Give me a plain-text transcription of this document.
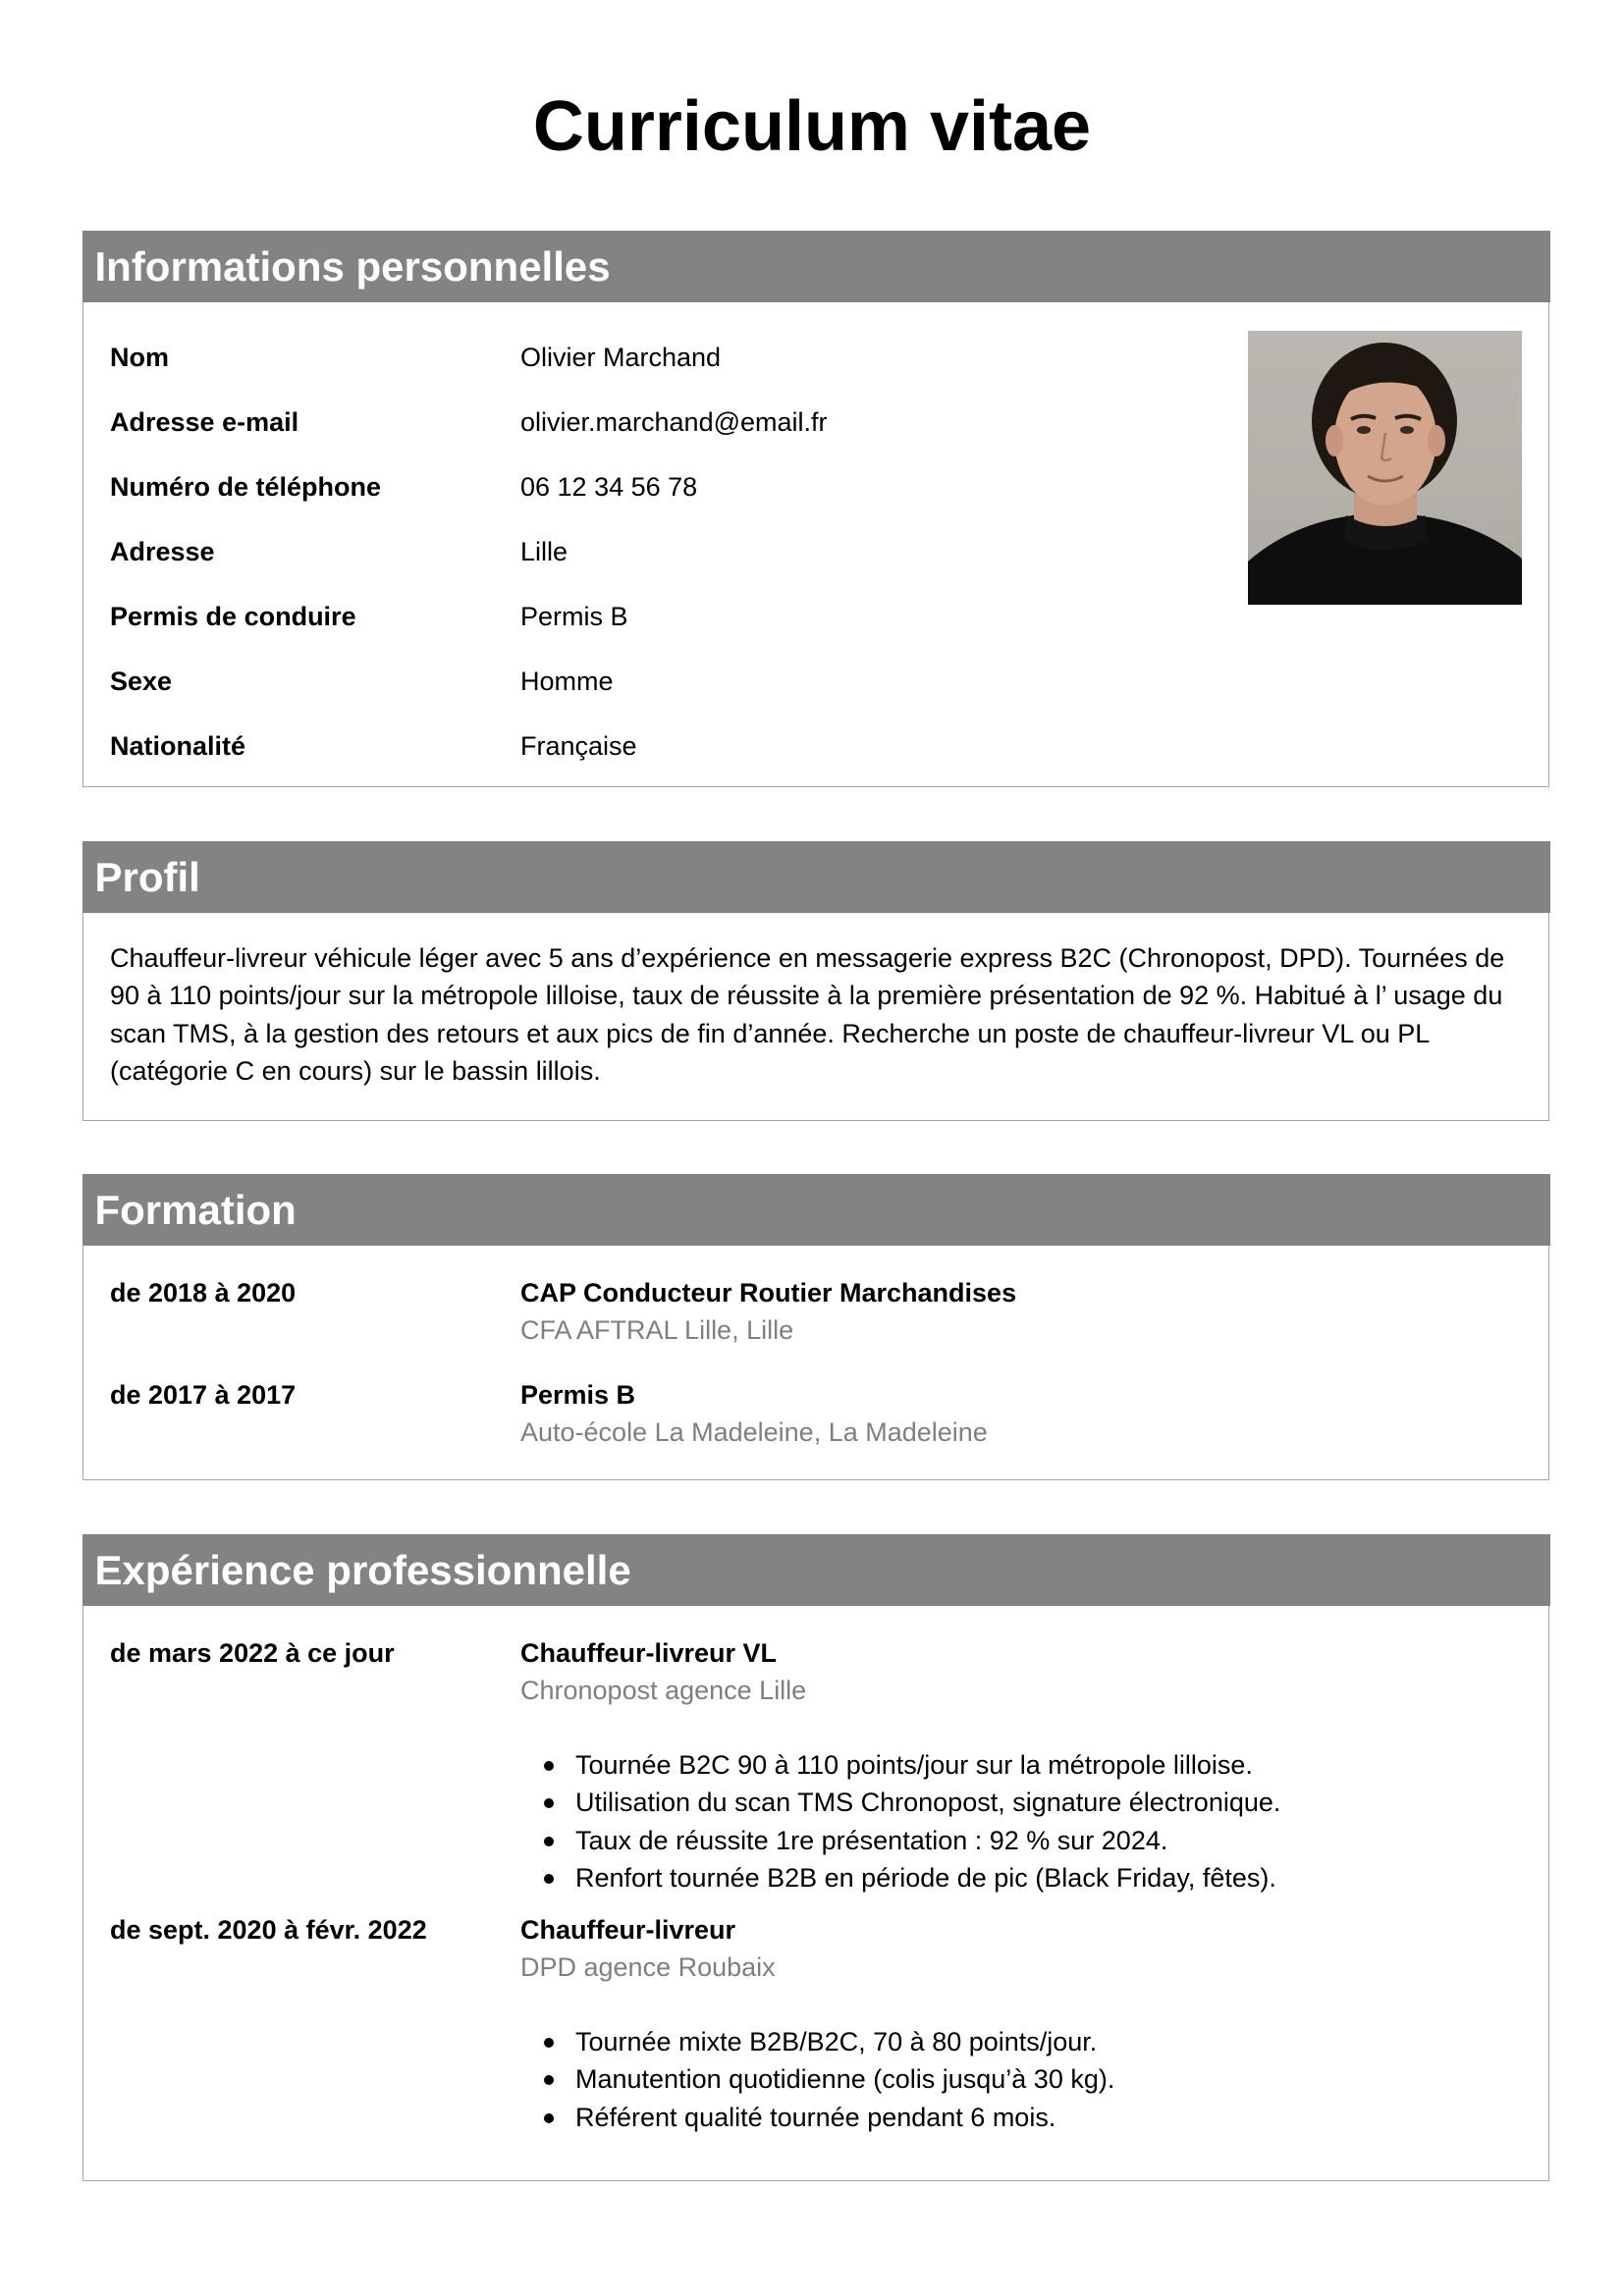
Curriculum vitae
Informations personnelles
Nom	Olivier Marchand
Adresse e-mail	olivier.marchand@email.fr
Numéro de téléphone	06 12 34 56 78
Adresse	Lille
Permis de conduire	Permis B
Sexe	Homme
Nationalité	Française
Profil
Chauffeur-livreur véhicule léger avec 5 ans d’expérience en messagerie express B2C (Chronopost, DPD). Tournées de 90 à 110 points/jour sur la métropole lilloise, taux de réussite à la première présentation de 92 %. Habitué à l’ usage du scan TMS, à la gestion des retours et aux pics de fin d’année. Recherche un poste de chauffeur-livreur VL ou PL (catégorie C en cours) sur le bassin lillois.
Formation
de 2018 à 2020	CAP Conducteur Routier Marchandises
CFA AFTRAL Lille, Lille
de 2017 à 2017	Permis B
Auto-école La Madeleine, La Madeleine
Expérience professionnelle
de mars 2022 à ce jour	Chauffeur-livreur VL
Chronopost agence Lille
Tournée B2C 90 à 110 points/jour sur la métropole lilloise.
Utilisation du scan TMS Chronopost, signature électronique.
Taux de réussite 1re présentation : 92 % sur 2024.
Renfort tournée B2B en période de pic (Black Friday, fêtes).
de sept. 2020 à févr. 2022	Chauffeur-livreur
DPD agence Roubaix
Tournée mixte B2B/B2C, 70 à 80 points/jour.
Manutention quotidienne (colis jusqu’à 30 kg).
Référent qualité tournée pendant 6 mois.
